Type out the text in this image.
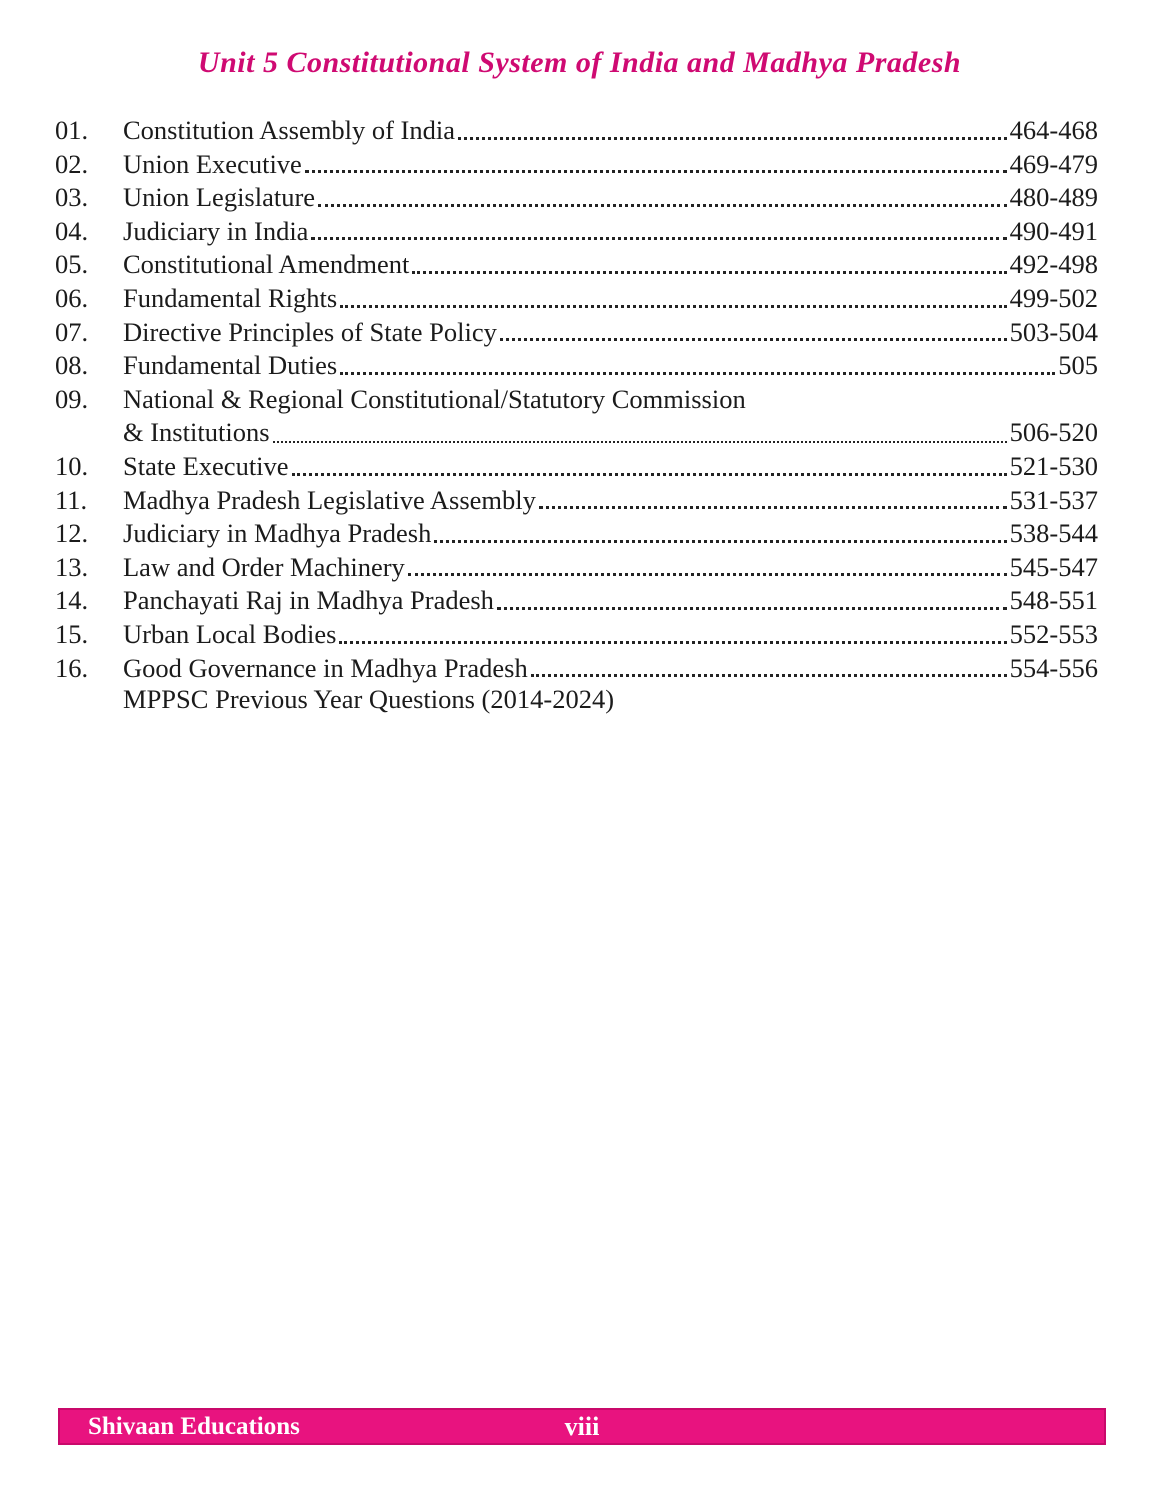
Unit 5 Constitutional System of India and Madhya Pradesh
01.	Constitution Assembly of India	464-468
02.	Union Executive	469-479
03.	Union Legislature	480-489
04.	Judiciary in India	490-491
05.	Constitutional Amendment	492-498
06.	Fundamental Rights	499-502
07.	Directive Principles of State Policy	503-504
08.	Fundamental Duties	505
09.	National & Regional Constitutional/Statutory Commission
& Institutions	506-520
10.	State Executive	521-530
11.	Madhya Pradesh Legislative Assembly	531-537
12.	Judiciary in Madhya Pradesh	538-544
13.	Law and Order Machinery	545-547
14.	Panchayati Raj in Madhya Pradesh	548-551
15.	Urban Local Bodies	552-553
16.	Good Governance in Madhya Pradesh	554-556
MPPSC Previous Year Questions (2014-2024)
viii
Shivaan Educations
